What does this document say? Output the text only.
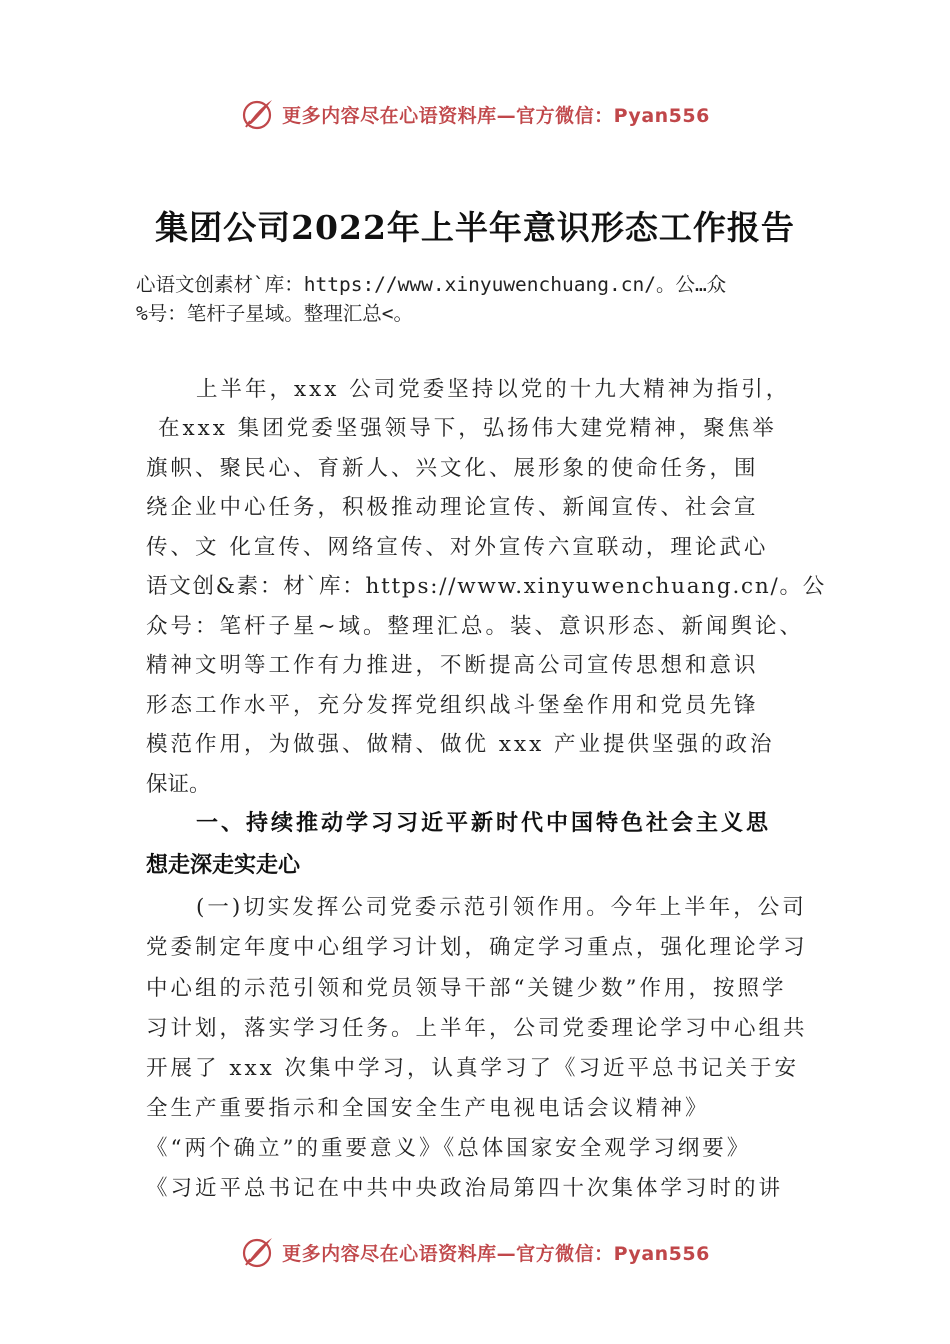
更多内容尽在心语资料库—官方微信：Pyan556
集团公司2022年上半年意识形态工作报告
心语文创素材`库：https://www.xinyuwenchuang.cn/。公…众
%号：笔杆子星域。整理汇总<。
上半年，xxx 公司党委坚持以党的十九大精神为指引，
在xxx 集团党委坚强领导下，弘扬伟大建党精神，聚焦举
旗帜、聚民心、育新人、兴文化、展形象的使命任务，围
绕企业中心任务，积极推动理论宣传、新闻宣传、社会宣
传、文 化宣传、网络宣传、对外宣传六宣联动，理论武心
语文创&素：材`库：https://www.xinyuwenchuang.cn/。公
众号：笔杆子星~域。整理汇总。装、意识形态、新闻舆论、
精神文明等工作有力推进，不断提高公司宣传思想和意识
形态工作水平，充分发挥党组织战斗堡垒作用和党员先锋
模范作用，为做强、做精、做优 xxx 产业提供坚强的政治
保证。
一、持续推动学习习近平新时代中国特色社会主义思
想走深走实走心
(一)切实发挥公司党委示范引领作用。今年上半年，公司
党委制定年度中心组学习计划，确定学习重点，强化理论学习
中心组的示范引领和党员领导干部“关键少数”作用，按照学
习计划，落实学习任务。上半年，公司党委理论学习中心组共
开展了 xxx 次集中学习，认真学习了《习近平总书记关于安
全生产重要指示和全国安全生产电视电话会议精神》
《“两个确立”的重要意义》《总体国家安全观学习纲要》
《习近平总书记在中共中央政治局第四十次集体学习时的讲
更多内容尽在心语资料库—官方微信：Pyan556
